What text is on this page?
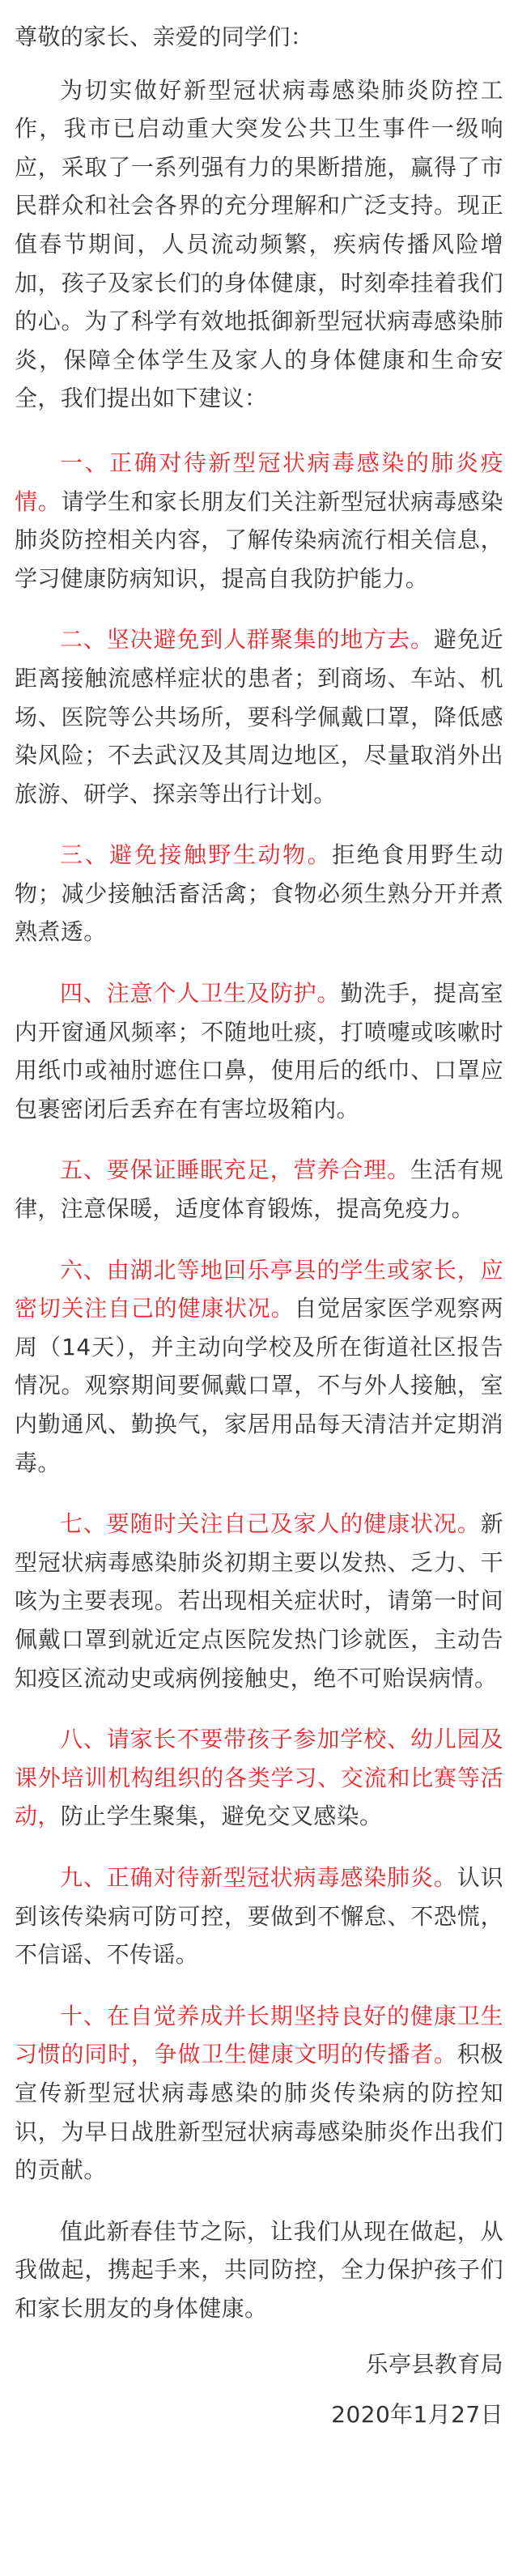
尊敬的家长、亲爱的同学们：

为切实做好新型冠状病毒感染肺炎防控工作，我市已启动重大突发公共卫生事件一级响应，采取了一系列强有力的果断措施，赢得了市民群众和社会各界的充分理解和广泛支持。现正值春节期间，人员流动频繁，疾病传播风险增加，孩子及家长们的身体健康，时刻牵挂着我们的心。为了科学有效地抵御新型冠状病毒感染肺炎，保障全体学生及家人的身体健康和生命安全，我们提出如下建议：

一、正确对待新型冠状病毒感染的肺炎疫情。请学生和家长朋友们关注新型冠状病毒感染肺炎防控相关内容，了解传染病流行相关信息，学习健康防病知识，提高自我防护能力。

二、坚决避免到人群聚集的地方去。避免近距离接触流感样症状的患者；到商场、车站、机场、医院等公共场所，要科学佩戴口罩，降低感染风险；不去武汉及其周边地区，尽量取消外出旅游、研学、探亲等出行计划。

三、避免接触野生动物。拒绝食用野生动物；减少接触活畜活禽；食物必须生熟分开并煮熟煮透。

四、注意个人卫生及防护。勤洗手，提高室内开窗通风频率；不随地吐痰，打喷嚏或咳嗽时用纸巾或袖肘遮住口鼻，使用后的纸巾、口罩应包裹密闭后丢弃在有害垃圾箱内。

五、要保证睡眠充足，营养合理。生活有规律，注意保暖，适度体育锻炼，提高免疫力。

六、由湖北等地回乐亭县的学生或家长，应密切关注自己的健康状况。自觉居家医学观察两周（14天），并主动向学校及所在街道社区报告情况。观察期间要佩戴口罩，不与外人接触，室内勤通风、勤换气，家居用品每天清洁并定期消毒。

七、要随时关注自己及家人的健康状况。新型冠状病毒感染肺炎初期主要以发热、乏力、干咳为主要表现。若出现相关症状时，请第一时间佩戴口罩到就近定点医院发热门诊就医，主动告知疫区流动史或病例接触史，绝不可贻误病情。

八、请家长不要带孩子参加学校、幼儿园及课外培训机构组织的各类学习、交流和比赛等活动，防止学生聚集，避免交叉感染。

九、正确对待新型冠状病毒感染肺炎。认识到该传染病可防可控，要做到不懈怠、不恐慌，不信谣、不传谣。

十、在自觉养成并长期坚持良好的健康卫生习惯的同时，争做卫生健康文明的传播者。积极宣传新型冠状病毒感染的肺炎传染病的防控知识，为早日战胜新型冠状病毒感染肺炎作出我们的贡献。

值此新春佳节之际，让我们从现在做起，从我做起，携起手来，共同防控，全力保护孩子们和家长朋友的身体健康。

乐亭县教育局

2020年1月27日
